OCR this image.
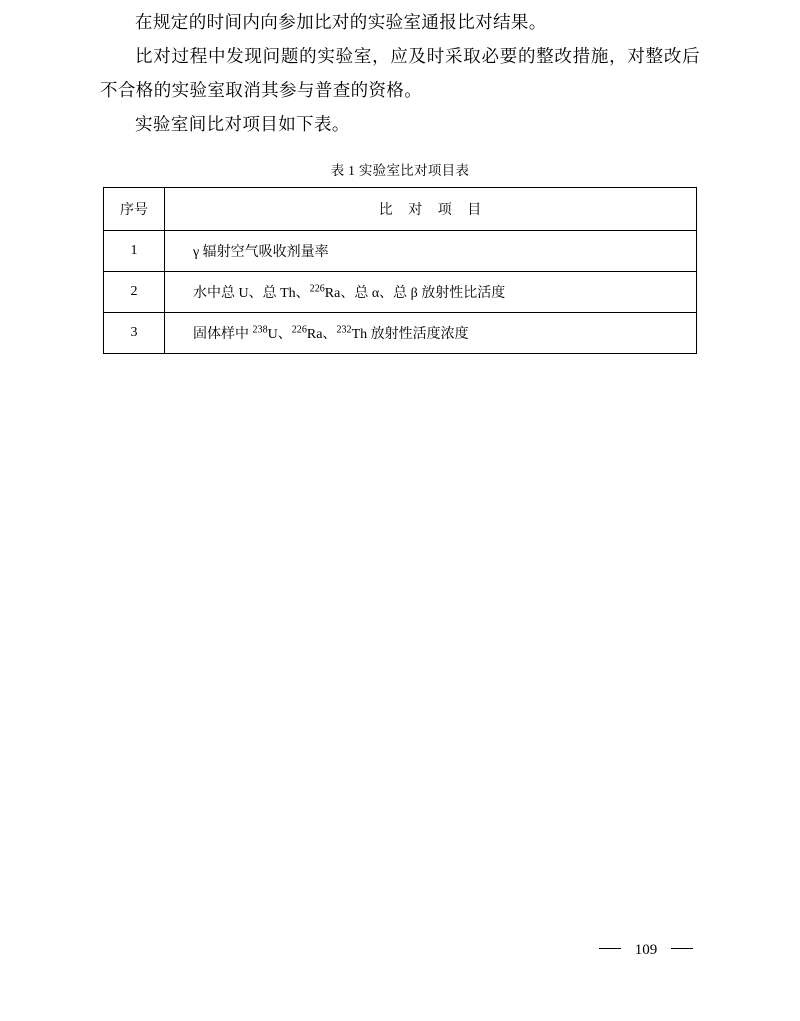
在规定的时间内向参加比对的实验室通报比对结果。

比对过程中发现问题的实验室，应及时采取必要的整改措施，对整改后不合格的实验室取消其参与普查的资格。

实验室间比对项目如下表。

表 1 实验室比对项目表
序号	比 对 项 目
1	γ 辐射空气吸收剂量率

2	水中总 U、总 Th、$^{226}$Ra、总 α、总 β 放射性比活度

3	固体样中 $^{238}$U、$^{226}$Ra、$^{232}$Th 放射性活度浓度
109
